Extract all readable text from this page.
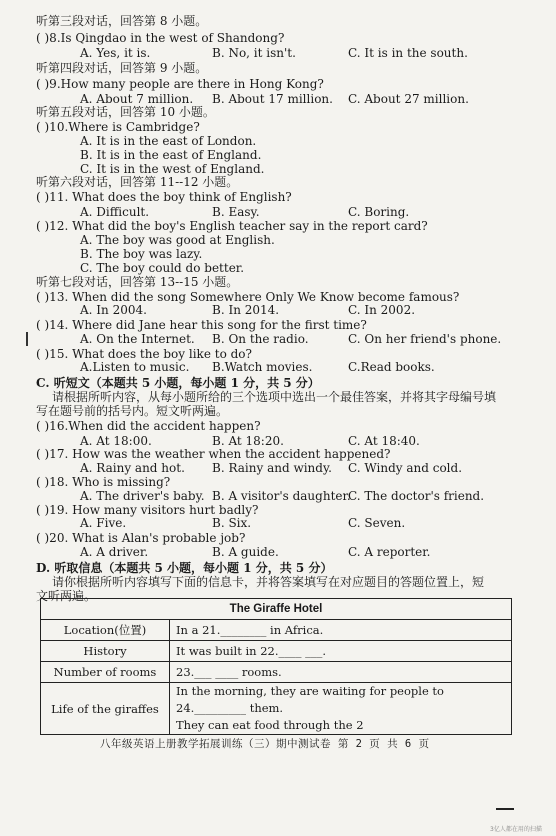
听第三段对话，回答第 8 小题。
( )8.Is Qingdao in the west of Shandong?
A. Yes, it is.	B. No, it isn't.	C. It is in the south.
听第四段对话，回答第 9 小题。
( )9.How many people are there in Hong Kong?
A. About 7 million. B. About 17 million. C. About 27 million.
听第五段对话，回答第 10 小题。
( )10.Where is Cambridge?
A. It is in the east of London.
B. It is in the east of England.
C. It is in the west of England.
听第六段对话，回答第 11--12 小题。
( )11. What does the boy think of English?
A. Difficult.	B. Easy.	C. Boring.
( )12. What did the boy's English teacher say in the report card?
A. The boy was good at English.
B. The boy was lazy.
C. The boy could do better.
听第七段对话，回答第 13--15 小题。
( )13. When did the song Somewhere Only We Know become famous?
A. In 2004.	B. In 2014.	C. In 2002.
( )14. Where did Jane hear this song for the first time?
A. On the Internet. B. On the radio.	C. On her friend's phone.
( )15. What does the boy like to do?
A.Listen to music. B.Watch movies.	C.Read books.
C. 听短文（本题共 5 小题，每小题 1 分，共 5 分）
请根据所听内容，从每小题所给的三个选项中选出一个最佳答案，并将其字母编号填
写在题号前的括号内。短文听两遍。
( )16.When did the accident happen?
A. At 18:00.	B. At 18:20.	C. At 18:40.
( )17. How was the weather when the accident happened?
A. Rainy and hot. B. Rainy and windy. C. Windy and cold.
( )18. Who is missing?
A. The driver's baby. B. A visitor's daughter.
C. The doctor's friend.
( )19. How many visitors hurt badly?
A. Five.	B. Six.	C. Seven.
( )20. What is Alan's probable job?
A. A driver.	B. A guide.	C. A reporter.
D. 听取信息（本题共 5 小题，每小题 1 分，共 5 分）
请你根据所听内容填写下面的信息卡，并将答案填写在对应题目的答题位置上，短
文听两遍。
The Giraffe Hotel	
Location(位置)	In a 21.________ in Africa.
History	It was built in 22.____ ___.
Number of rooms	23.___ ____ rooms.
Life of the giraffes	In the morning, they are waiting for people to 24._________ them.
They can eat food through the 2
八年级英语上册教学拓展训练（三）期中测试卷 第 2 页 共 6 页
3亿人都在用的扫描
